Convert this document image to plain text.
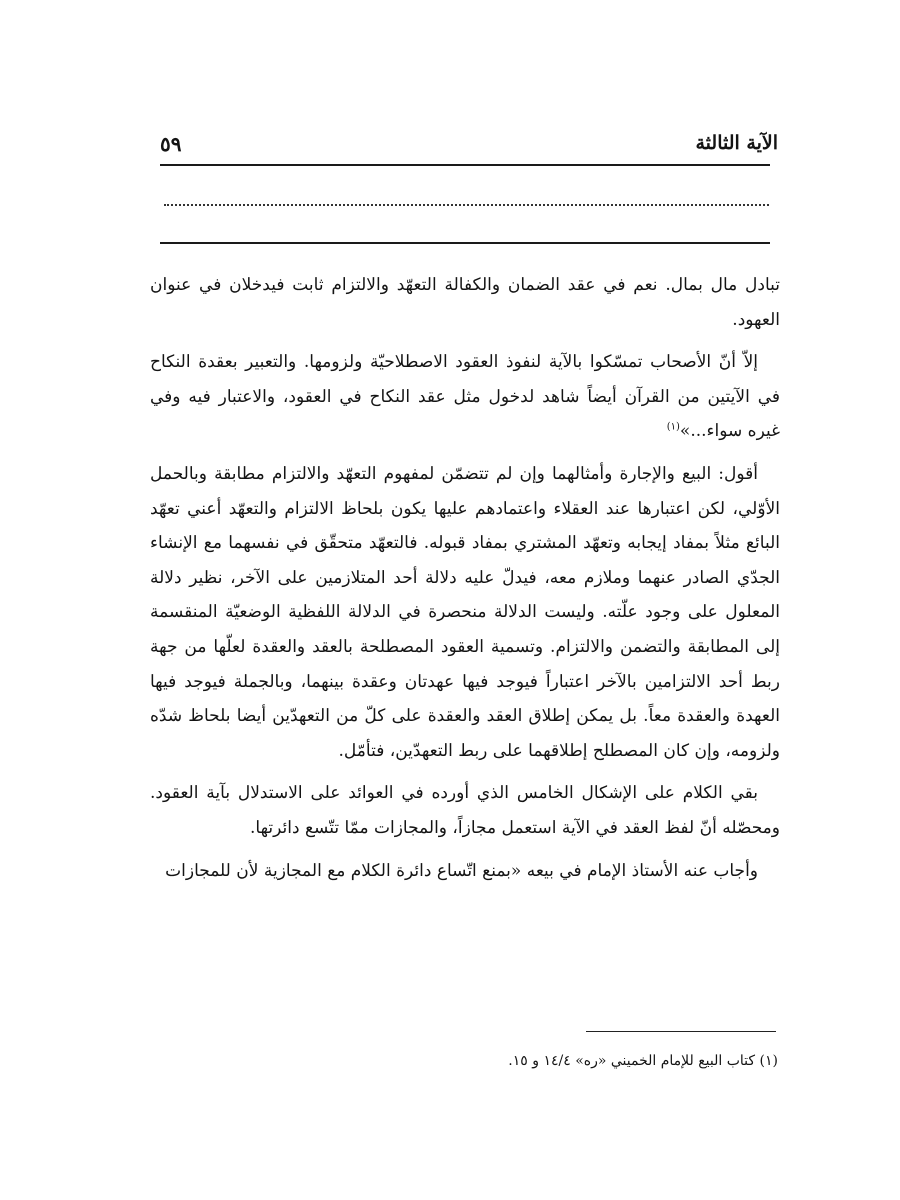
الآية الثالثة
٥٩

تبادل مال بمال. نعم في عقد الضمان والكفالة التعهّد والالتزام ثابت فيدخلان في عنوان العهود.

إلاّ أنّ الأصحاب تمسّكوا بالآية لنفوذ العقود الاصطلاحيّة ولزومها. والتعبير بعقدة النكاح في الآيتين من القرآن أيضاً شاهد لدخول مثل عقد النكاح في العقود، والاعتبار فيه وفي غيره سواء...»$^{(١)}$

أقول: البيع والإجارة وأمثالهما وإن لم تتضمّن لمفهوم التعهّد والالتزام مطابقة وبالحمل الأوّلي، لكن اعتبارها عند العقلاء واعتمادهم عليها يكون بلحاظ الالتزام والتعهّد أعني تعهّد البائع مثلاً بمفاد إيجابه وتعهّد المشتري بمفاد قبوله. فالتعهّد متحقّق في نفسهما مع الإنشاء الجدّي الصادر عنهما وملازم معه، فيدلّ عليه دلالة أحد المتلازمين على الآخر، نظير دلالة المعلول على وجود علّته. وليست الدلالة منحصرة في الدلالة اللفظية الوضعيّة المنقسمة إلى المطابقة والتضمن والالتزام. وتسمية العقود المصطلحة بالعقد والعقدة لعلّها من جهة ربط أحد الالتزامين بالآخر اعتباراً فيوجد فيها عهدتان وعقدة بينهما، وبالجملة فيوجد فيها العهدة والعقدة معاً. بل يمكن إطلاق العقد والعقدة على كلّ من التعهدّين أيضا بلحاظ شدّه ولزومه، وإن كان المصطلح إطلاقهما على ربط التعهدّين، فتأمّل.

بقي الكلام على الإشكال الخامس الذي أورده في العوائد على الاستدلال بآية العقود. ومحصّله أنّ لفظ العقد في الآية استعمل مجازاً، والمجازات ممّا تتّسع دائرتها.

وأجاب عنه الأستاذ الإمام في بيعه «بمنع اتّساع دائرة الكلام مع المجازية لأن للمجازات

(١) كتاب البيع للإمام الخميني «ره» ١٤/٤ و ١٥.
